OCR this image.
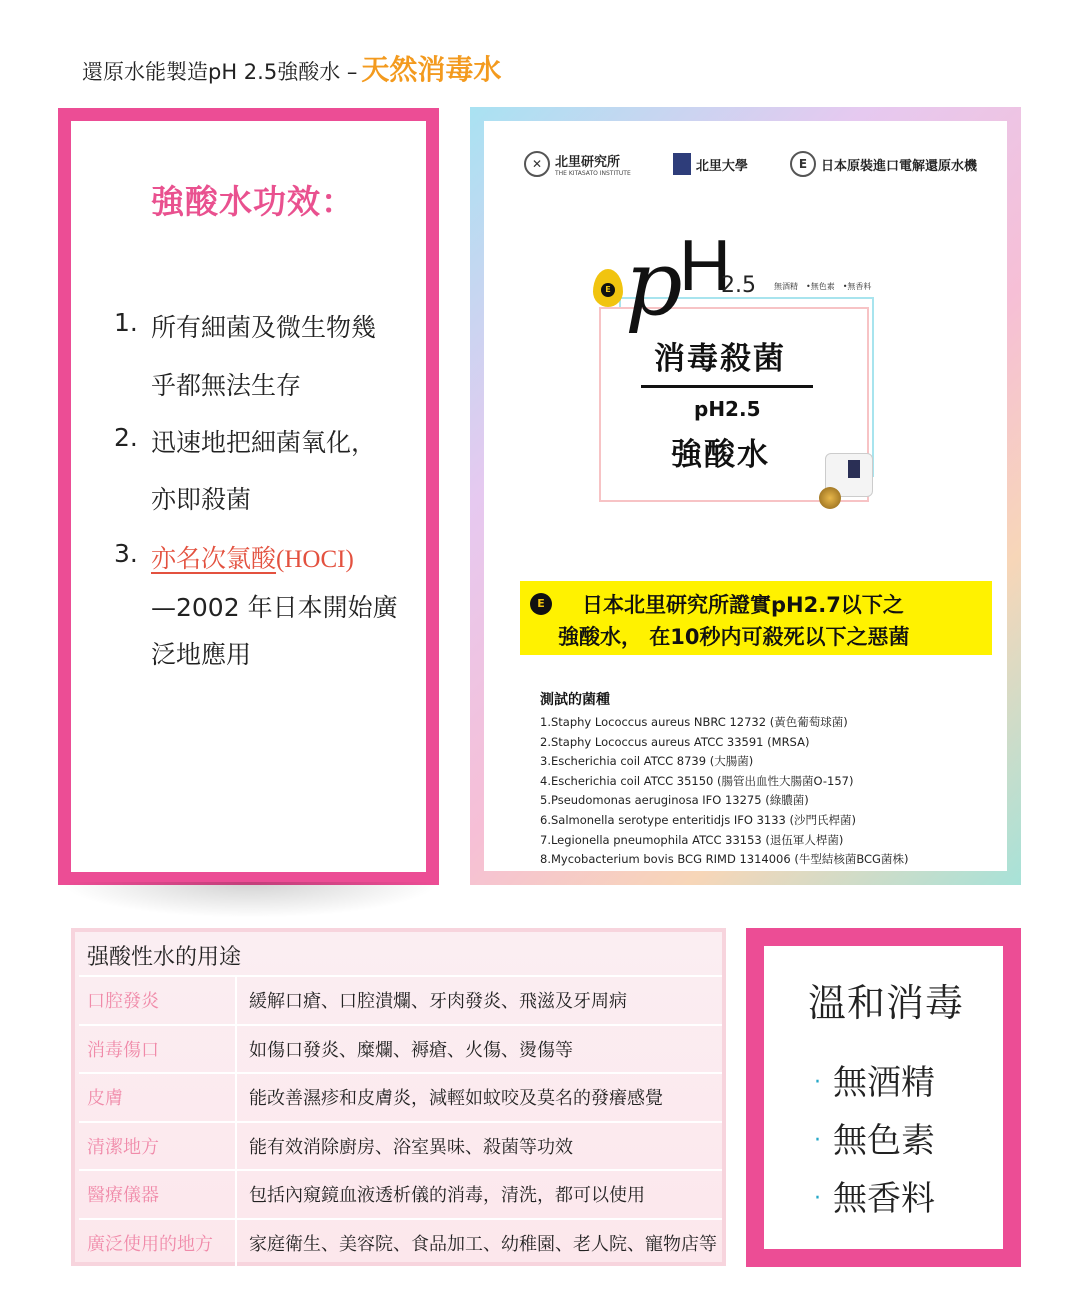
還原水能製造pH 2.5強酸水 – 天然消毒水
強酸水功效：
1. 所有細菌及微生物幾
乎都無法生存
2. 迅速地把細菌氧化，
亦即殺菌
3. 亦名次氯酸(HOCI)
—2002 年日本開始廣
泛地應用
✕ 北里研究所
THE KITASATO INSTITUTE	北里大學	E	日本原裝進口電解還原水機
E p
H
2.5 無酒精　•無色素　•無香料
消毒殺菌
pH2.5
強酸水
E	日本北里研究所證實pH2.7以下之
強酸水， 在10秒内可殺死以下之惡菌
測試的菌種
1.Staphy Lococcus aureus NBRC 12732 (黃色葡萄球菌)
2.Staphy Lococcus aureus ATCC 33591 (MRSA)
3.Escherichia coil ATCC 8739 (大腸菌)
4.Escherichia coil ATCC 35150 (腸管出血性大腸菌O-157)
5.Pseudomonas aeruginosa IFO 13275 (綠膿菌)
6.Salmonella serotype enteritidjs IFO 3133 (沙門氏桿菌)
7.Legionella pneumophila ATCC 33153 (退伍軍人桿菌)
8.Mycobacterium bovis BCG RIMD 1314006 (牛型結核菌BCG菌株)
强酸性水的用途
口腔發炎	緩解口瘡、口腔潰爛、牙肉發炎、飛滋及牙周病
消毒傷口	如傷口發炎、糜爛、褥瘡、火傷、燙傷等
皮膚	能改善濕疹和皮膚炎，減輕如蚊咬及莫名的發癢感覺
清潔地方	能有效消除廚房、浴室異味、殺菌等功效
醫療儀器	包括內窺鏡血液透析儀的消毒，清洗，都可以使用
廣泛使用的地方	家庭衛生、美容院、食品加工、幼稚園、老人院、寵物店等
溫和消毒
· 無酒精
· 無色素
· 無香料
